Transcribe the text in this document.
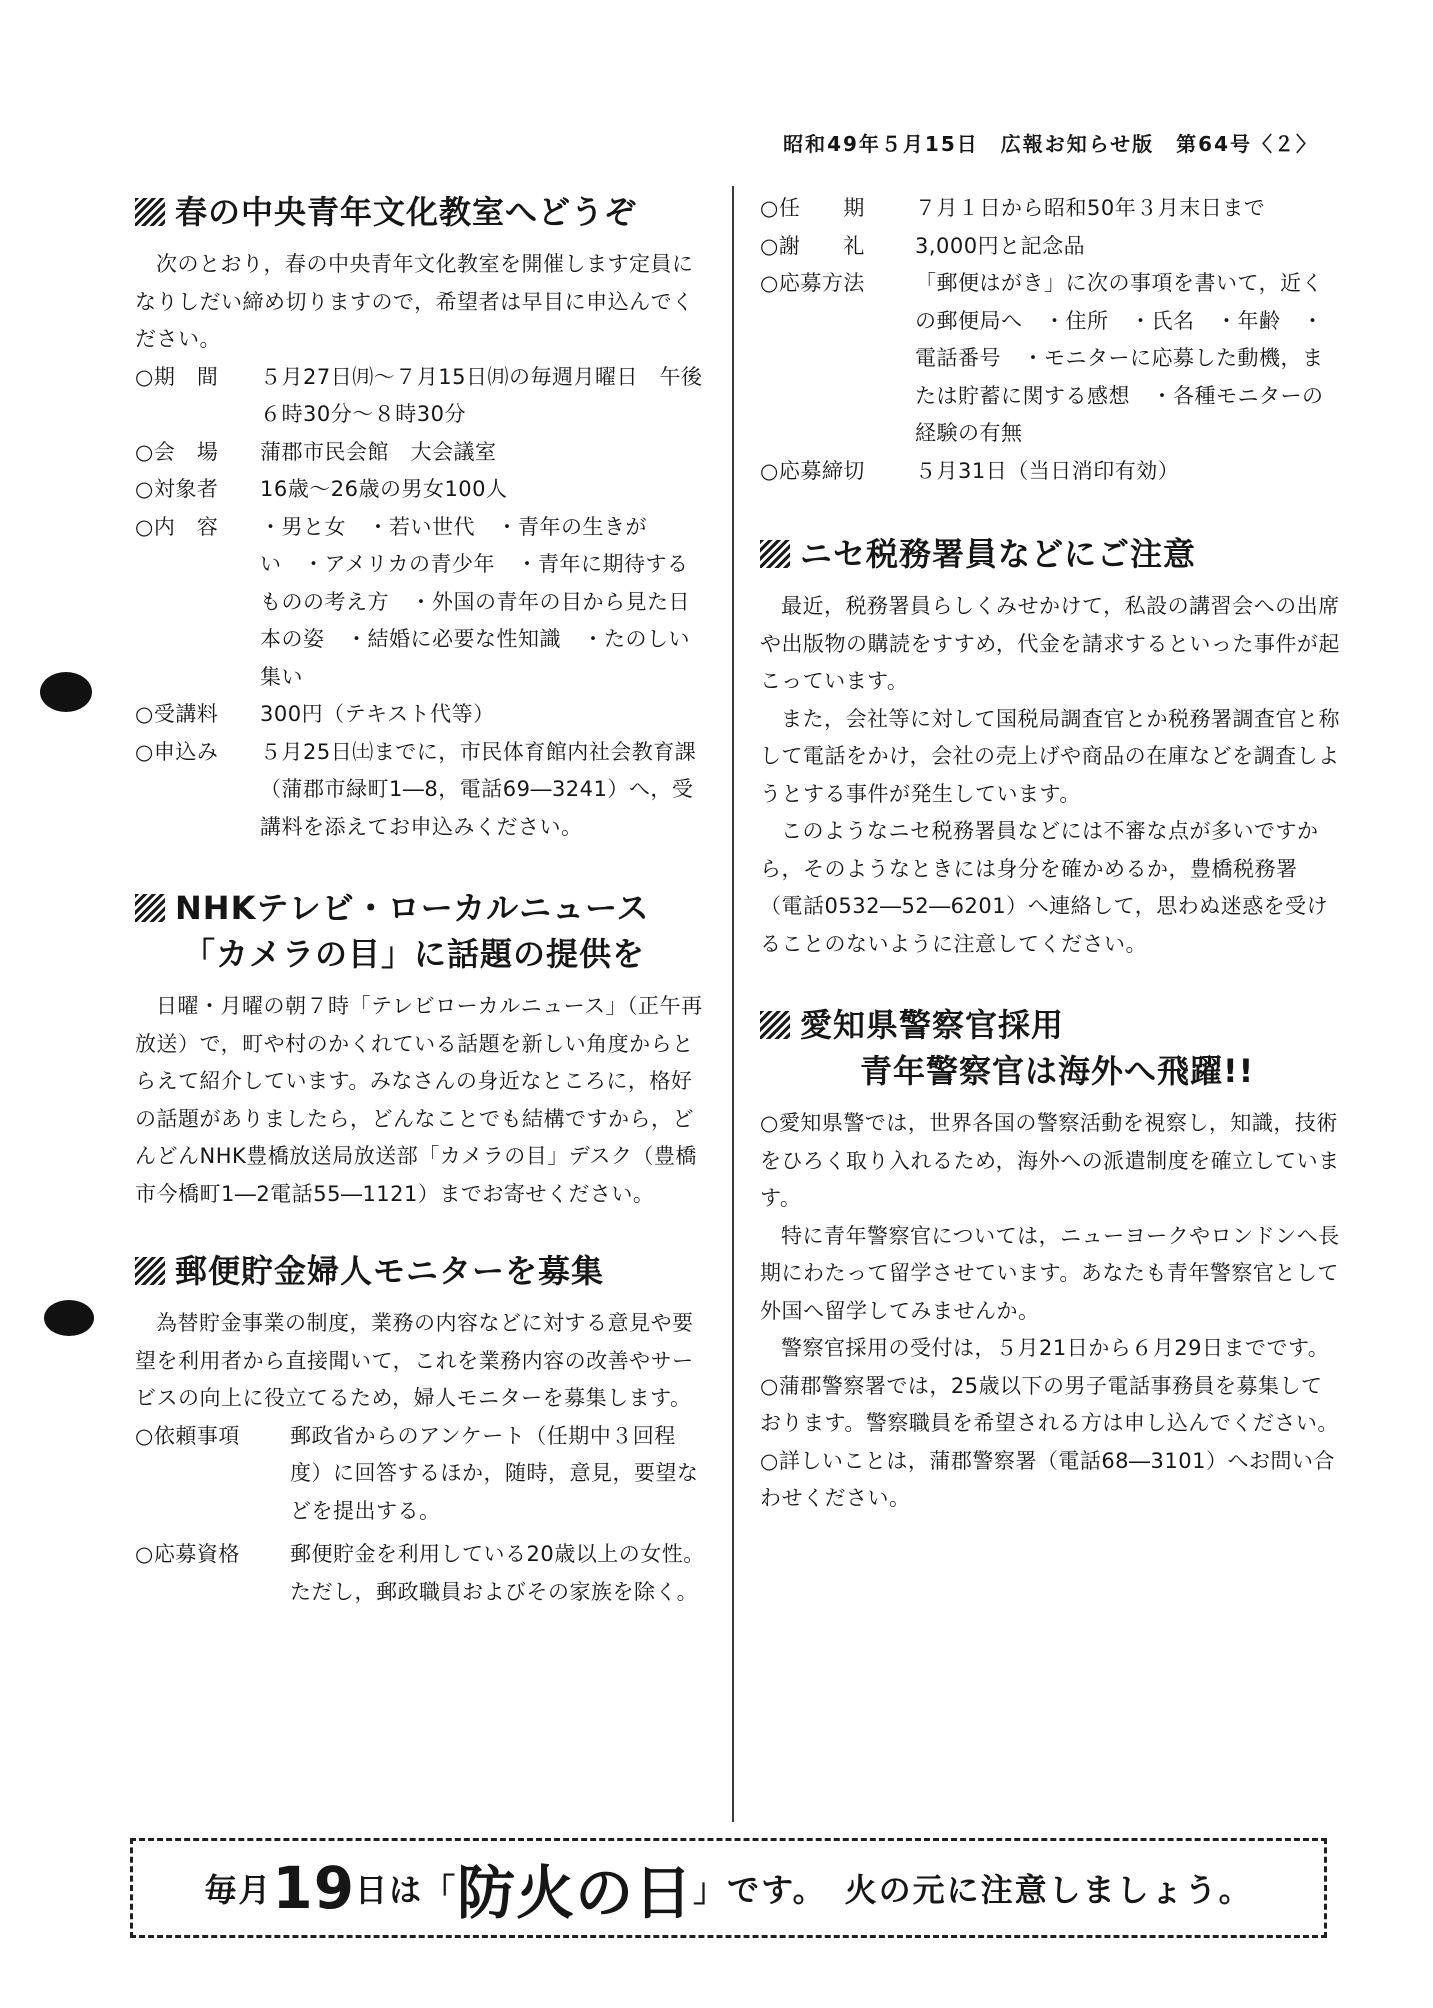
昭和49年５月15日　広報お知らせ版　第64号〈２〉
春の中央青年文化教室へどうぞ

次のとおり，春の中央青年文化教室を開催します定員になりしだい締め切りますので，希望者は早目に申込んでください。

○期　間	５月27日㈪〜７月15日㈪の毎週月曜日　午後６時30分〜８時30分
○会　場	蒲郡市民会館　大会議室
○対象者	16歳〜26歳の男女100人
○内　容	・男と女　・若い世代　・青年の生きがい　・アメリカの青少年　・青年に期待するものの考え方　・外国の青年の目から見た日本の姿　・結婚に必要な性知識　・たのしい集い
○受講料	300円（テキスト代等）
○申込み	５月25日㈯までに，市民体育館内社会教育課（蒲郡市緑町1―8，電話69―3241）へ，受講料を添えてお申込みください。
NHKテレビ・ローカルニュース
「カメラの目」に話題の提供を

日曜・月曜の朝７時「テレビローカルニュース」（正午再放送）で，町や村のかくれている話題を新しい角度からとらえて紹介しています。みなさんの身近なところに，格好の話題がありましたら，どんなことでも結構ですから，どんどんNHK豊橋放送局放送部「カメラの目」デスク（豊橋市今橋町1―2電話55―1121）までお寄せください。

郵便貯金婦人モニターを募集

為替貯金事業の制度，業務の内容などに対する意見や要望を利用者から直接聞いて，これを業務内容の改善やサービスの向上に役立てるため，婦人モニターを募集します。

○依頼事項	郵政省からのアンケート（任期中３回程度）に回答するほか，随時，意見，要望などを提出する。
○応募資格	郵便貯金を利用している20歳以上の女性。ただし，郵政職員およびその家族を除く。
○任　　期	７月１日から昭和50年３月末日まで
○謝　　礼	3,000円と記念品
○応募方法	「郵便はがき」に次の事項を書いて，近くの郵便局へ　・住所　・氏名　・年齢　・電話番号　・モニターに応募した動機，または貯蓄に関する感想　・各種モニターの経験の有無
○応募締切	５月31日（当日消印有効）
ニセ税務署員などにご注意

最近，税務署員らしくみせかけて，私設の講習会への出席や出版物の購読をすすめ，代金を請求するといった事件が起こっています。

また，会社等に対して国税局調査官とか税務署調査官と称して電話をかけ，会社の売上げや商品の在庫などを調査しようとする事件が発生しています。

このようなニセ税務署員などには不審な点が多いですから，そのようなときには身分を確かめるか，豊橋税務署（電話0532―52―6201）へ連絡して，思わぬ迷惑を受けることのないように注意してください。

愛知県警察官採用
青年警察官は海外へ飛躍!!

○愛知県警では，世界各国の警察活動を視察し，知識，技術をひろく取り入れるため，海外への派遣制度を確立しています。

特に青年警察官については，ニューヨークやロンドンへ長期にわたって留学させています。あなたも青年警察官として外国へ留学してみませんか。

警察官採用の受付は，５月21日から６月29日までです。

○蒲郡警察署では，25歳以下の男子電話事務員を募集しております。警察職員を希望される方は申し込んでください。

○詳しいことは，蒲郡警察署（電話68―3101）へお問い合わせください。

毎月 19 日は「 防火の日 」です。　火の元に注意しましょう。
